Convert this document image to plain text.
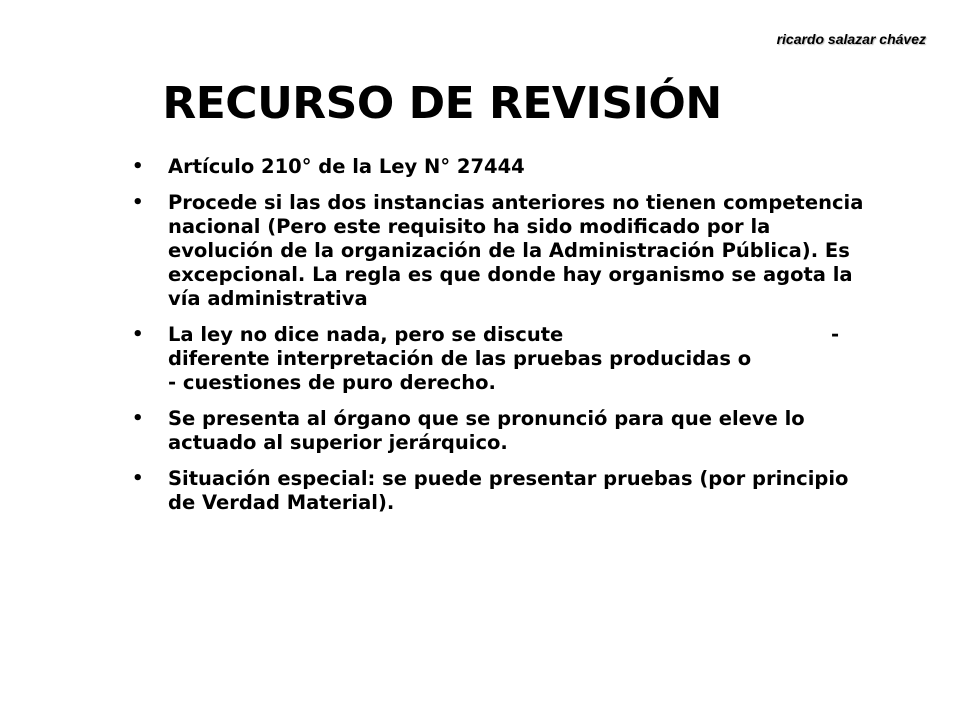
ricardo salazar chávez
RECURSO DE REVISIÓN
• Artículo 210° de la Ley N° 27444
• Procede si las dos instancias anteriores no tienen competencia
nacional (Pero este requisito ha sido modificado por la
evolución de la organización de la Administración Pública). Es
excepcional. La regla es que donde hay organismo se agota la
vía administrativa
• La ley no dice nada, pero se discute	-
diferente interpretación de las pruebas producidas o
- cuestiones de puro derecho.
• Se presenta al órgano que se pronunció para que eleve lo
actuado al superior jerárquico.
• Situación especial: se puede presentar pruebas (por principio
de Verdad Material).
